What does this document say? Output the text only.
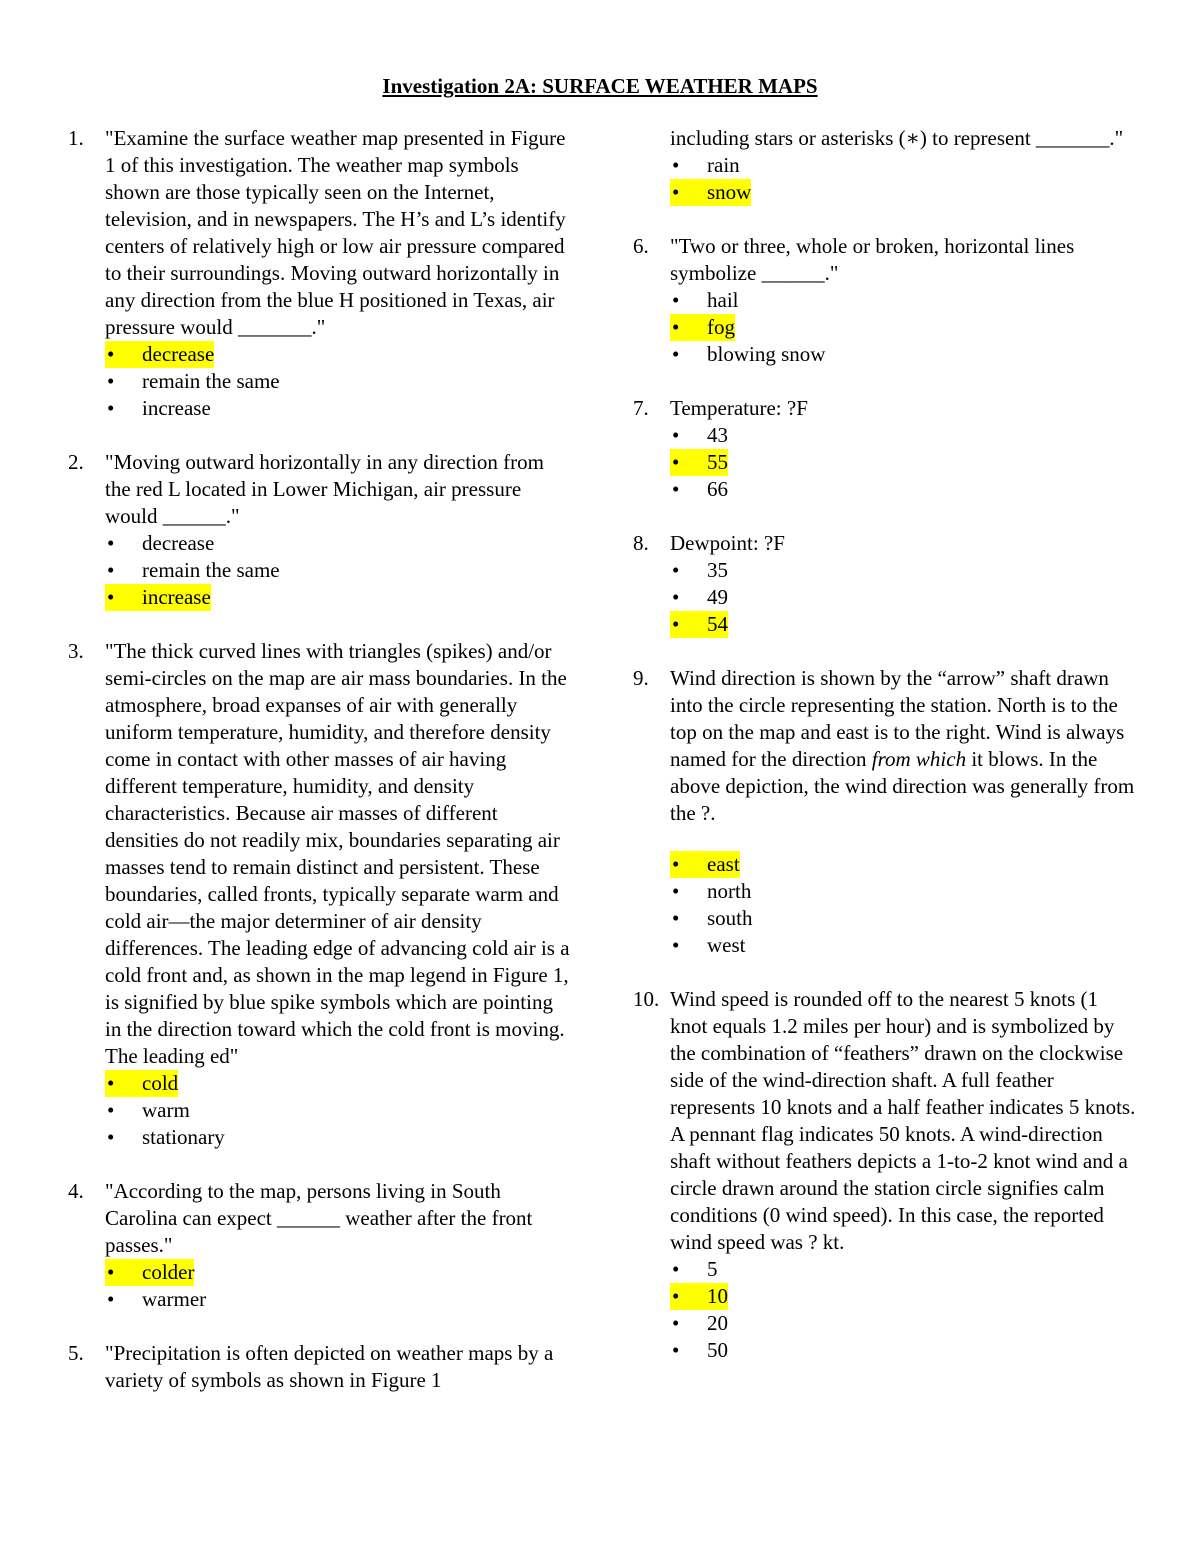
Investigation 2A: SURFACE WEATHER MAPS
1. "Examine the surface weather map presented in Figure 1 of this investigation. The weather map symbols shown are those typically seen on the Internet, television, and in newspapers. The H’s and L’s identify centers of relatively high or low air pressure compared to their surroundings. Moving outward horizontally in any direction from the blue H positioned in Texas, air pressure would _______."
• decrease
• remain the same
• increase
2. "Moving outward horizontally in any direction from the red L located in Lower Michigan, air pressure would ______."
• decrease
• remain the same
• increase
3. "The thick curved lines with triangles (spikes) and/or semi-circles on the map are air mass boundaries. In the atmosphere, broad expanses of air with generally uniform temperature, humidity, and therefore density come in contact with other masses of air having different temperature, humidity, and density characteristics. Because air masses of different densities do not readily mix, boundaries separating air masses tend to remain distinct and persistent. These boundaries, called fronts, typically separate warm and cold air—the major determiner of air density differences. The leading edge of advancing cold air is a cold front and, as shown in the map legend in Figure 1, is signified by blue spike symbols which are pointing in the direction toward which the cold front is moving. The leading ed"
• cold
• warm
• stationary
4. "According to the map, persons living in South Carolina can expect ______ weather after the front passes."
• colder
• warmer
5. "Precipitation is often depicted on weather maps by a variety of symbols as shown in Figure 1
including stars or asterisks (∗) to represent _______."
• rain
• snow
6. "Two or three, whole or broken, horizontal lines symbolize ______."
• hail
• fog
• blowing snow
7. Temperature: ?F
• 43
• 55
• 66
8. Dewpoint: ?F
• 35
• 49
• 54
9. Wind direction is shown by the “arrow” shaft drawn into the circle representing the station. North is to the top on the map and east is to the right. Wind is always named for the direction from which it blows. In the above depiction, the wind direction was generally from the ?.
• east
• north
• south
• west
10. Wind speed is rounded off to the nearest 5 knots (1 knot equals 1.2 miles per hour) and is symbolized by the combination of “feathers” drawn on the clockwise side of the wind-direction shaft. A full feather represents 10 knots and a half feather indicates 5 knots. A pennant flag indicates 50 knots. A wind-direction shaft without feathers depicts a 1-to-2 knot wind and a circle drawn around the station circle signifies calm conditions (0 wind speed). In this case, the reported wind speed was ? kt.
• 5
• 10
• 20
• 50
